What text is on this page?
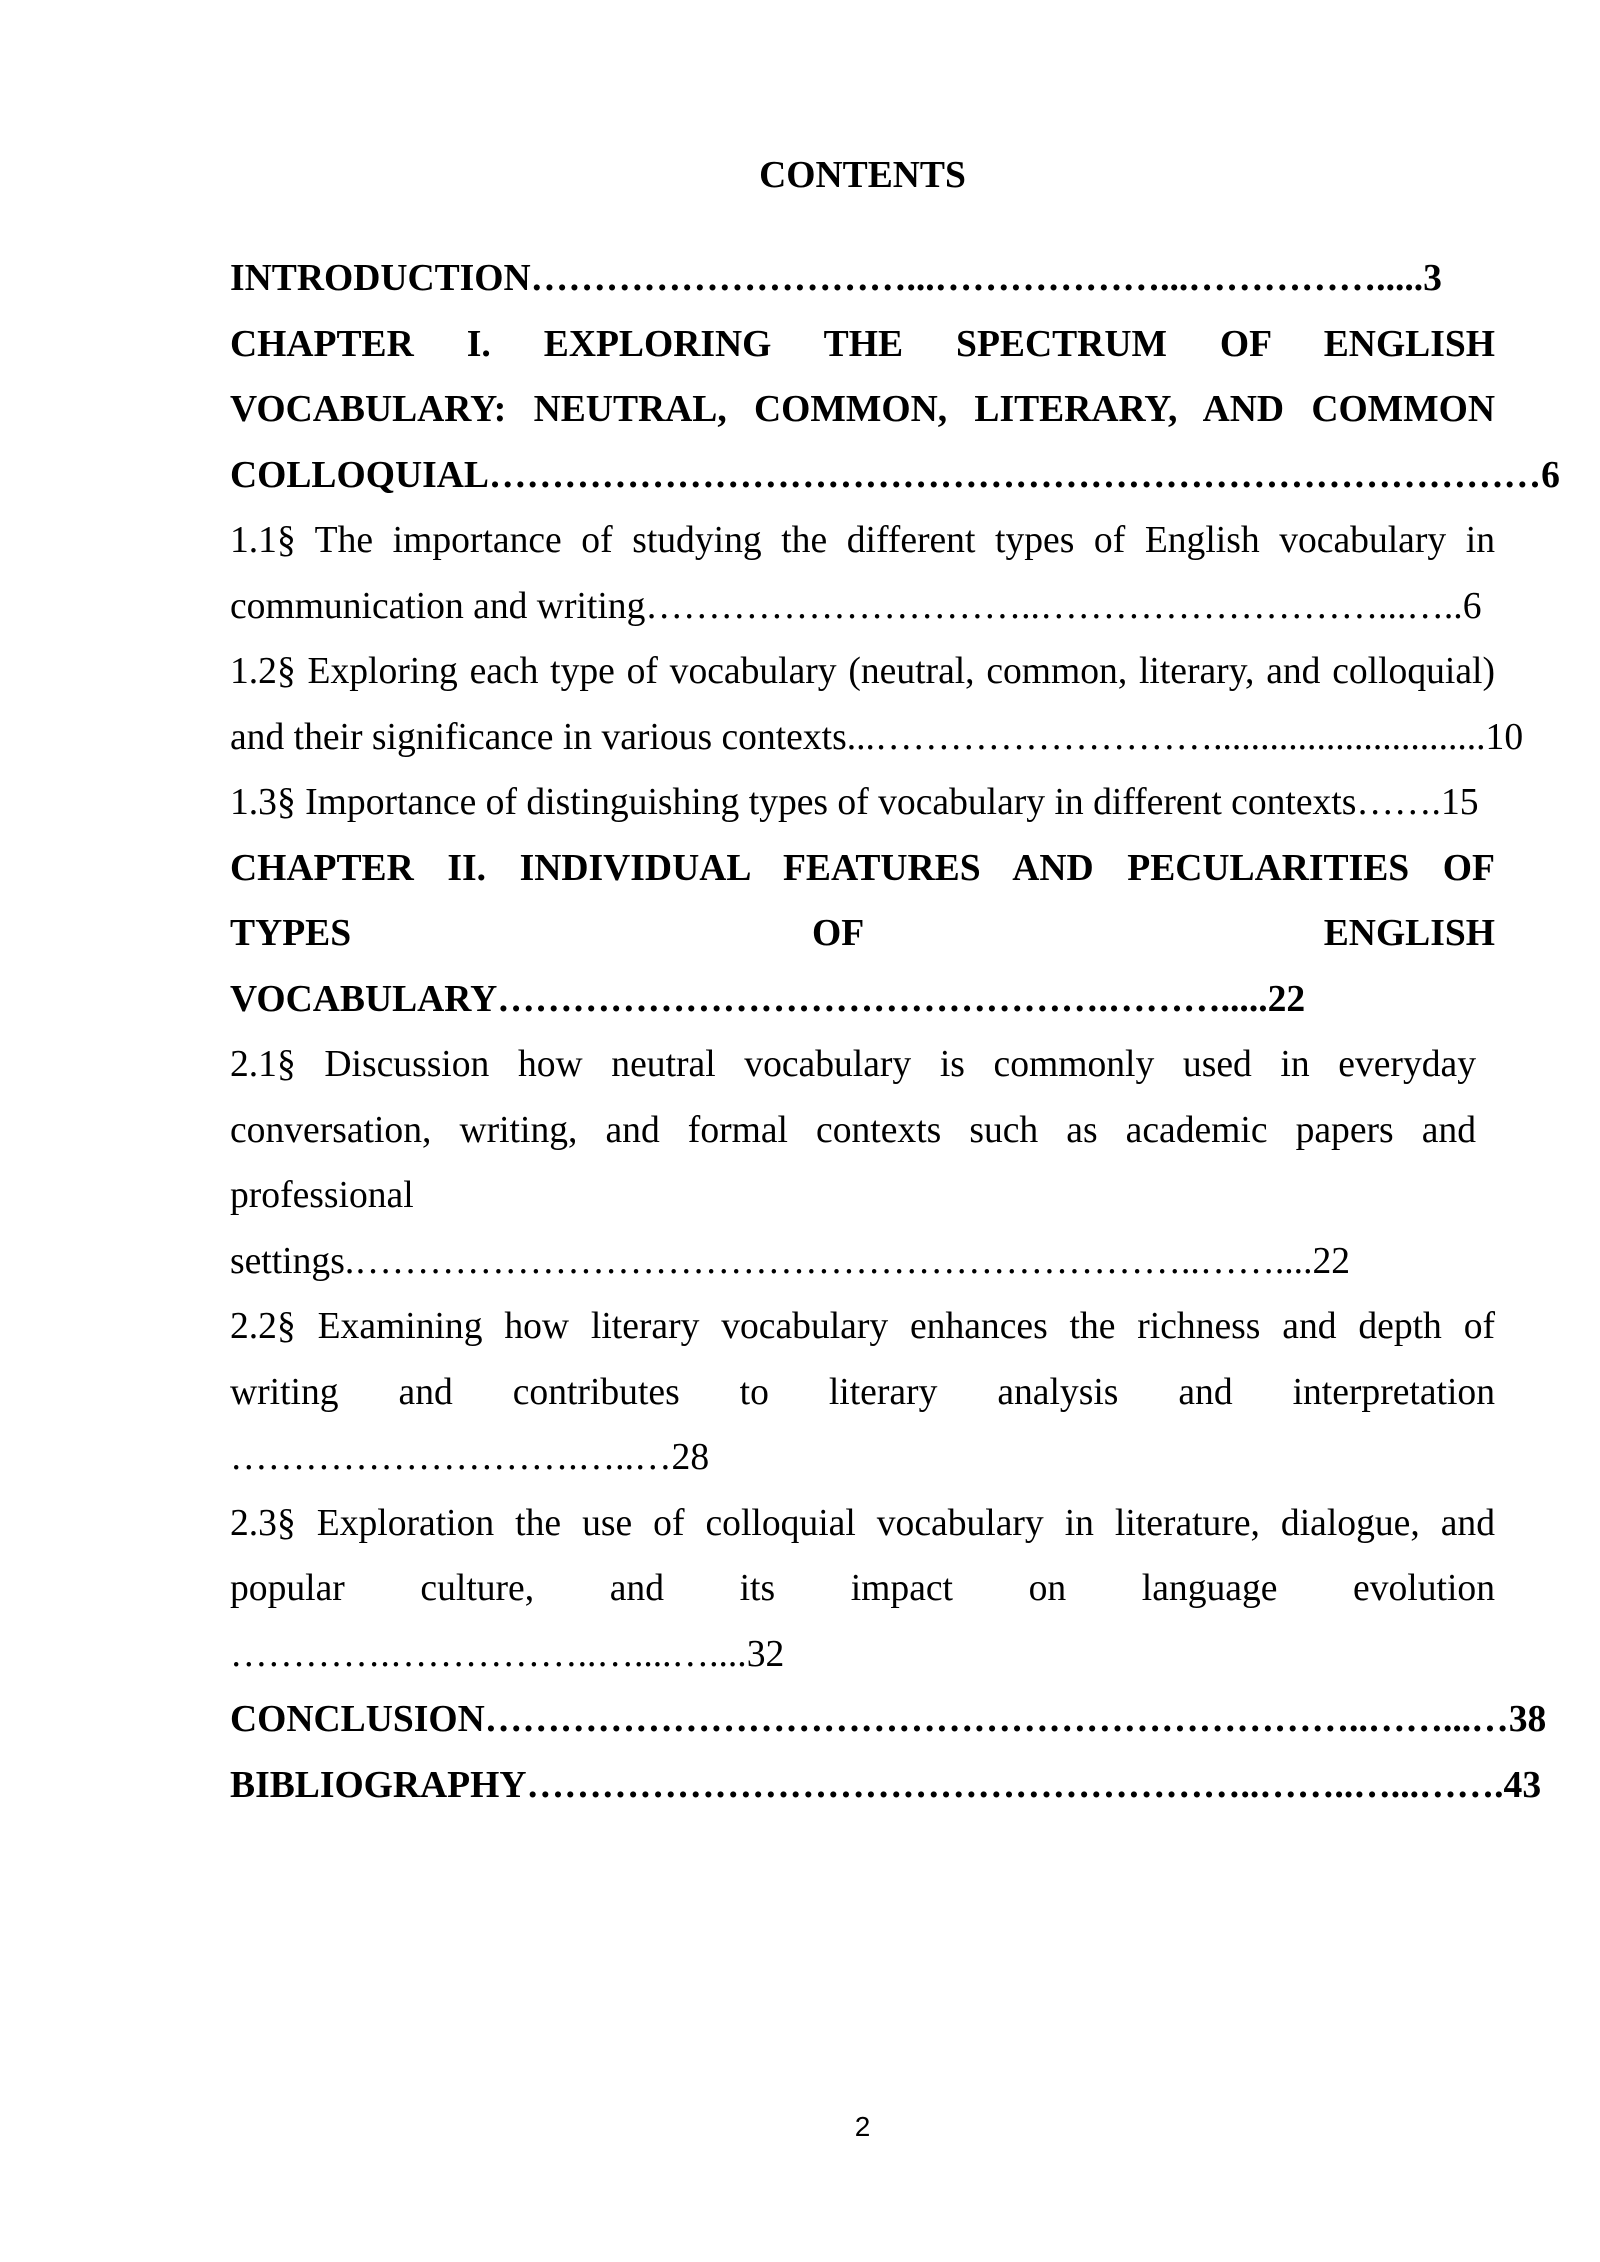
CONTENTS
INTRODUCTION…………………………...………………...…………….....3
CHAPTER I. EXPLORING THE SPECTRUM OF ENGLISH
VOCABULARY: NEUTRAL, COMMON, LITERARY, AND COMMON
COLLOQUIAL…………………………………………………………………………6
1.1§ The importance of studying the different types of English vocabulary in
communication and writing…………………………..………………………...…..6
1.2§ Exploring each type of vocabulary (neutral, common, literary, and colloquial)
and their significance in various contexts...……………………….............................10
1.3§ Importance of distinguishing types of vocabulary in different contexts…….15
CHAPTER II. INDIVIDUAL FEATURES AND PECULARITIES OF
TYPES OF ENGLISH
VOCABULARY………………………………………….……….....22
2.1§ Discussion how neutral vocabulary is commonly used in everyday
conversation, writing, and formal contexts such as academic papers and
professional
settings.…………………………………………………………..……....22
2.2§ Examining how literary vocabulary enhances the richness and depth of
writing and contributes to literary analysis and interpretation
……………………….…..…28
2.3§ Exploration the use of colloquial vocabulary in literature, dialogue, and
popular culture, and its impact on language evolution
………….……………..…....…....32
CONCLUSION……………………………………………………………..……...…38
BIBLIOGRAPHY…………………………………………………..……..…...…….43
2
